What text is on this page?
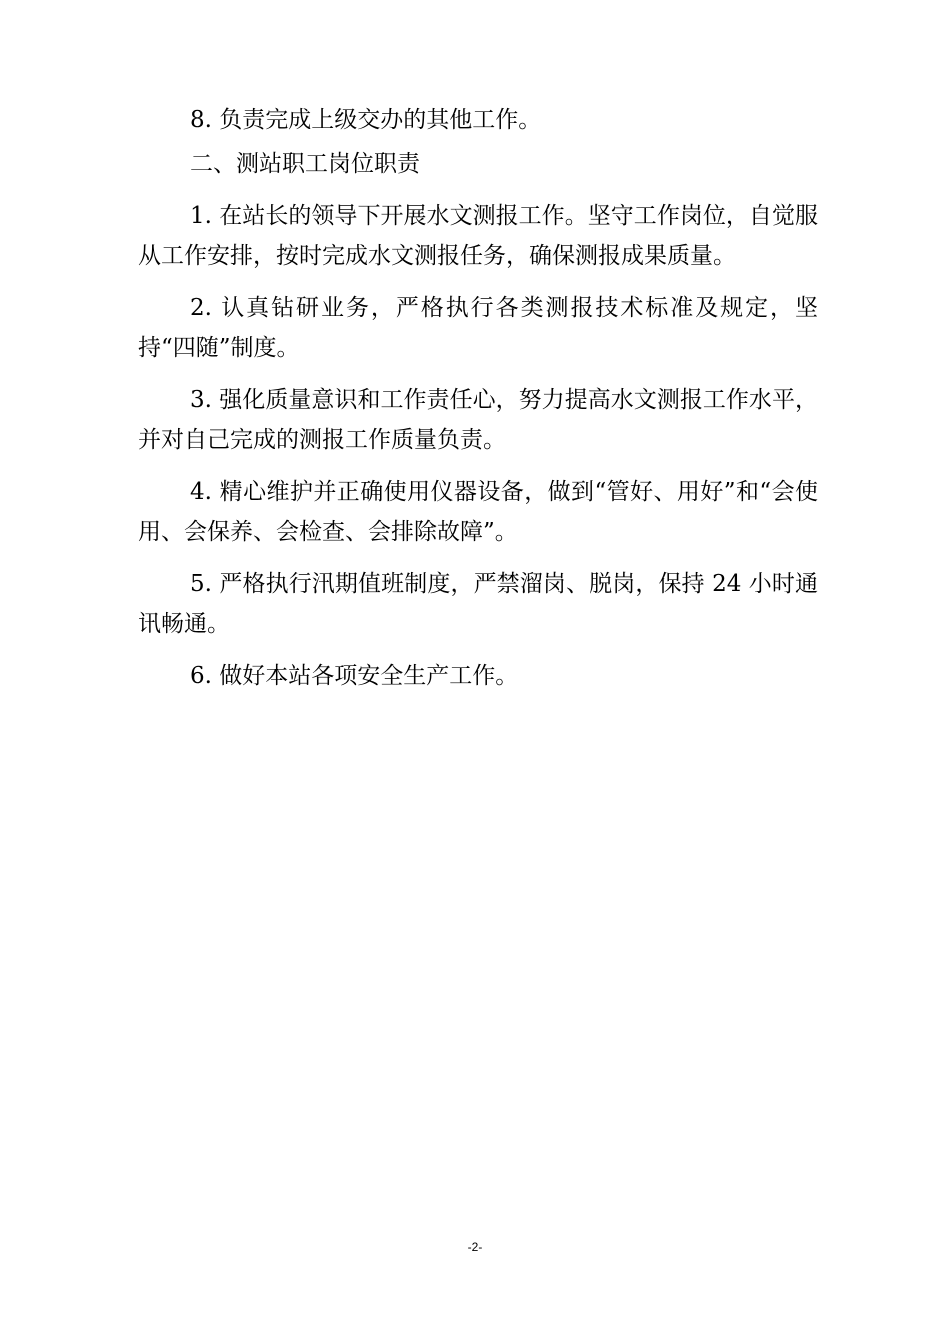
8. 负责完成上级交办的其他工作。

二、测站职工岗位职责

1. 在站长的领导下开展水文测报工作。坚守工作岗位，自觉服从工作安排，按时完成水文测报任务，确保测报成果质量。

2. 认真钻研业务，严格执行各类测报技术标准及规定，坚持“四随”制度。

3. 强化质量意识和工作责任心，努力提高水文测报工作水平，并对自己完成的测报工作质量负责。

4. 精心维护并正确使用仪器设备，做到“管好、用好”和“会使用、会保养、会检查、会排除故障”。

5. 严格执行汛期值班制度，严禁溜岗、脱岗，保持 24 小时通讯畅通。

6. 做好本站各项安全生产工作。

-2-
